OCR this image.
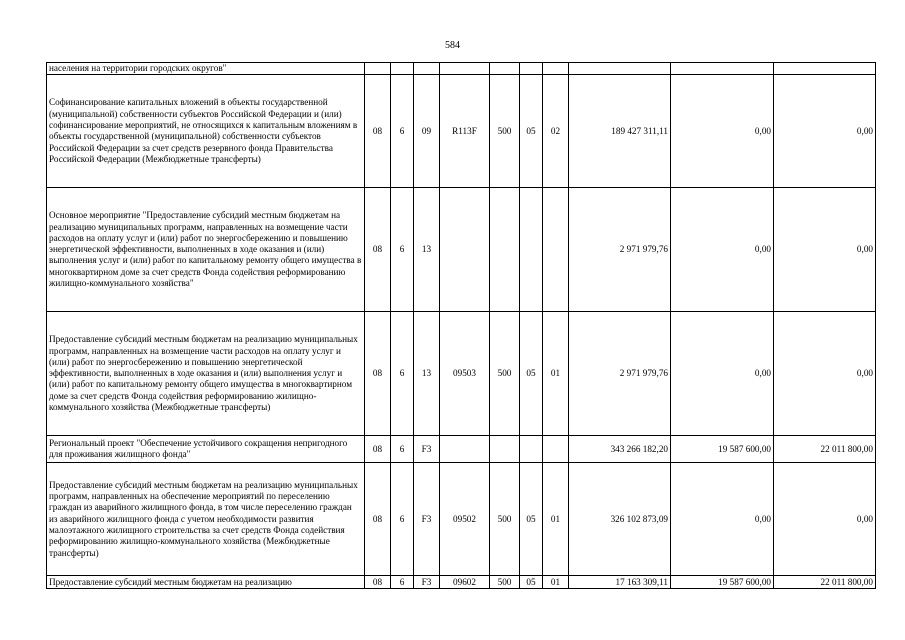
584
населения на территории городских округов"										
Софинансирование капитальных вложений в объекты государственной (муниципальной) собственности субъектов Российской Федерации и (или) софинансирование мероприятий, не относящихся к капитальным вложениям в объекты государственной (муниципальной) собственности субъектов Российской Федерации за счет средств резервного фонда Правительства Российской Федерации (Межбюджетные трансферты)	08	6	09	R113F	500	05	02	189 427 311,11	0,00	0,00
Основное мероприятие "Предоставление субсидий местным бюджетам на реализацию муниципальных программ, направленных на возмещение части расходов на оплату услуг и (или) работ по энергосбережению и повышению энергетической эффективности, выполненных в ходе оказания и (или) выполнения услуг и (или) работ по капитальному ремонту общего имущества в многоквартирном доме за счет средств Фонда содействия реформированию жилищно-коммунального хозяйства"	08	6	13					2 971 979,76	0,00	0,00
Предоставление субсидий местным бюджетам на реализацию муниципальных программ, направленных на возмещение части расходов на оплату услуг и (или) работ по энергосбережению и повышению энергетической эффективности, выполненных в ходе оказания и (или) выполнения услуг и (или) работ по капитальному ремонту общего имущества в многоквартирном доме за счет средств Фонда содействия реформированию жилищно-коммунального хозяйства (Межбюджетные трансферты)	08	6	13	09503	500	05	01	2 971 979,76	0,00	0,00
Региональный проект "Обеспечение устойчивого сокращения непригодного для проживания жилищного фонда"	08	6	F3					343 266 182,20	19 587 600,00	22 011 800,00
Предоставление субсидий местным бюджетам на реализацию муниципальных программ, направленных на обеспечение мероприятий по переселению граждан из аварийного жилищного фонда, в том числе переселению граждан из аварийного жилищного фонда с учетом необходимости развития малоэтажного жилищного строительства за счет средств Фонда содействия реформированию жилищно-коммунального хозяйства (Межбюджетные трансферты)	08	6	F3	09502	500	05	01	326 102 873,09	0,00	0,00
Предоставление субсидий местным бюджетам на реализацию	08	6	F3	09602	500	05	01	17 163 309,11	19 587 600,00	22 011 800,00
